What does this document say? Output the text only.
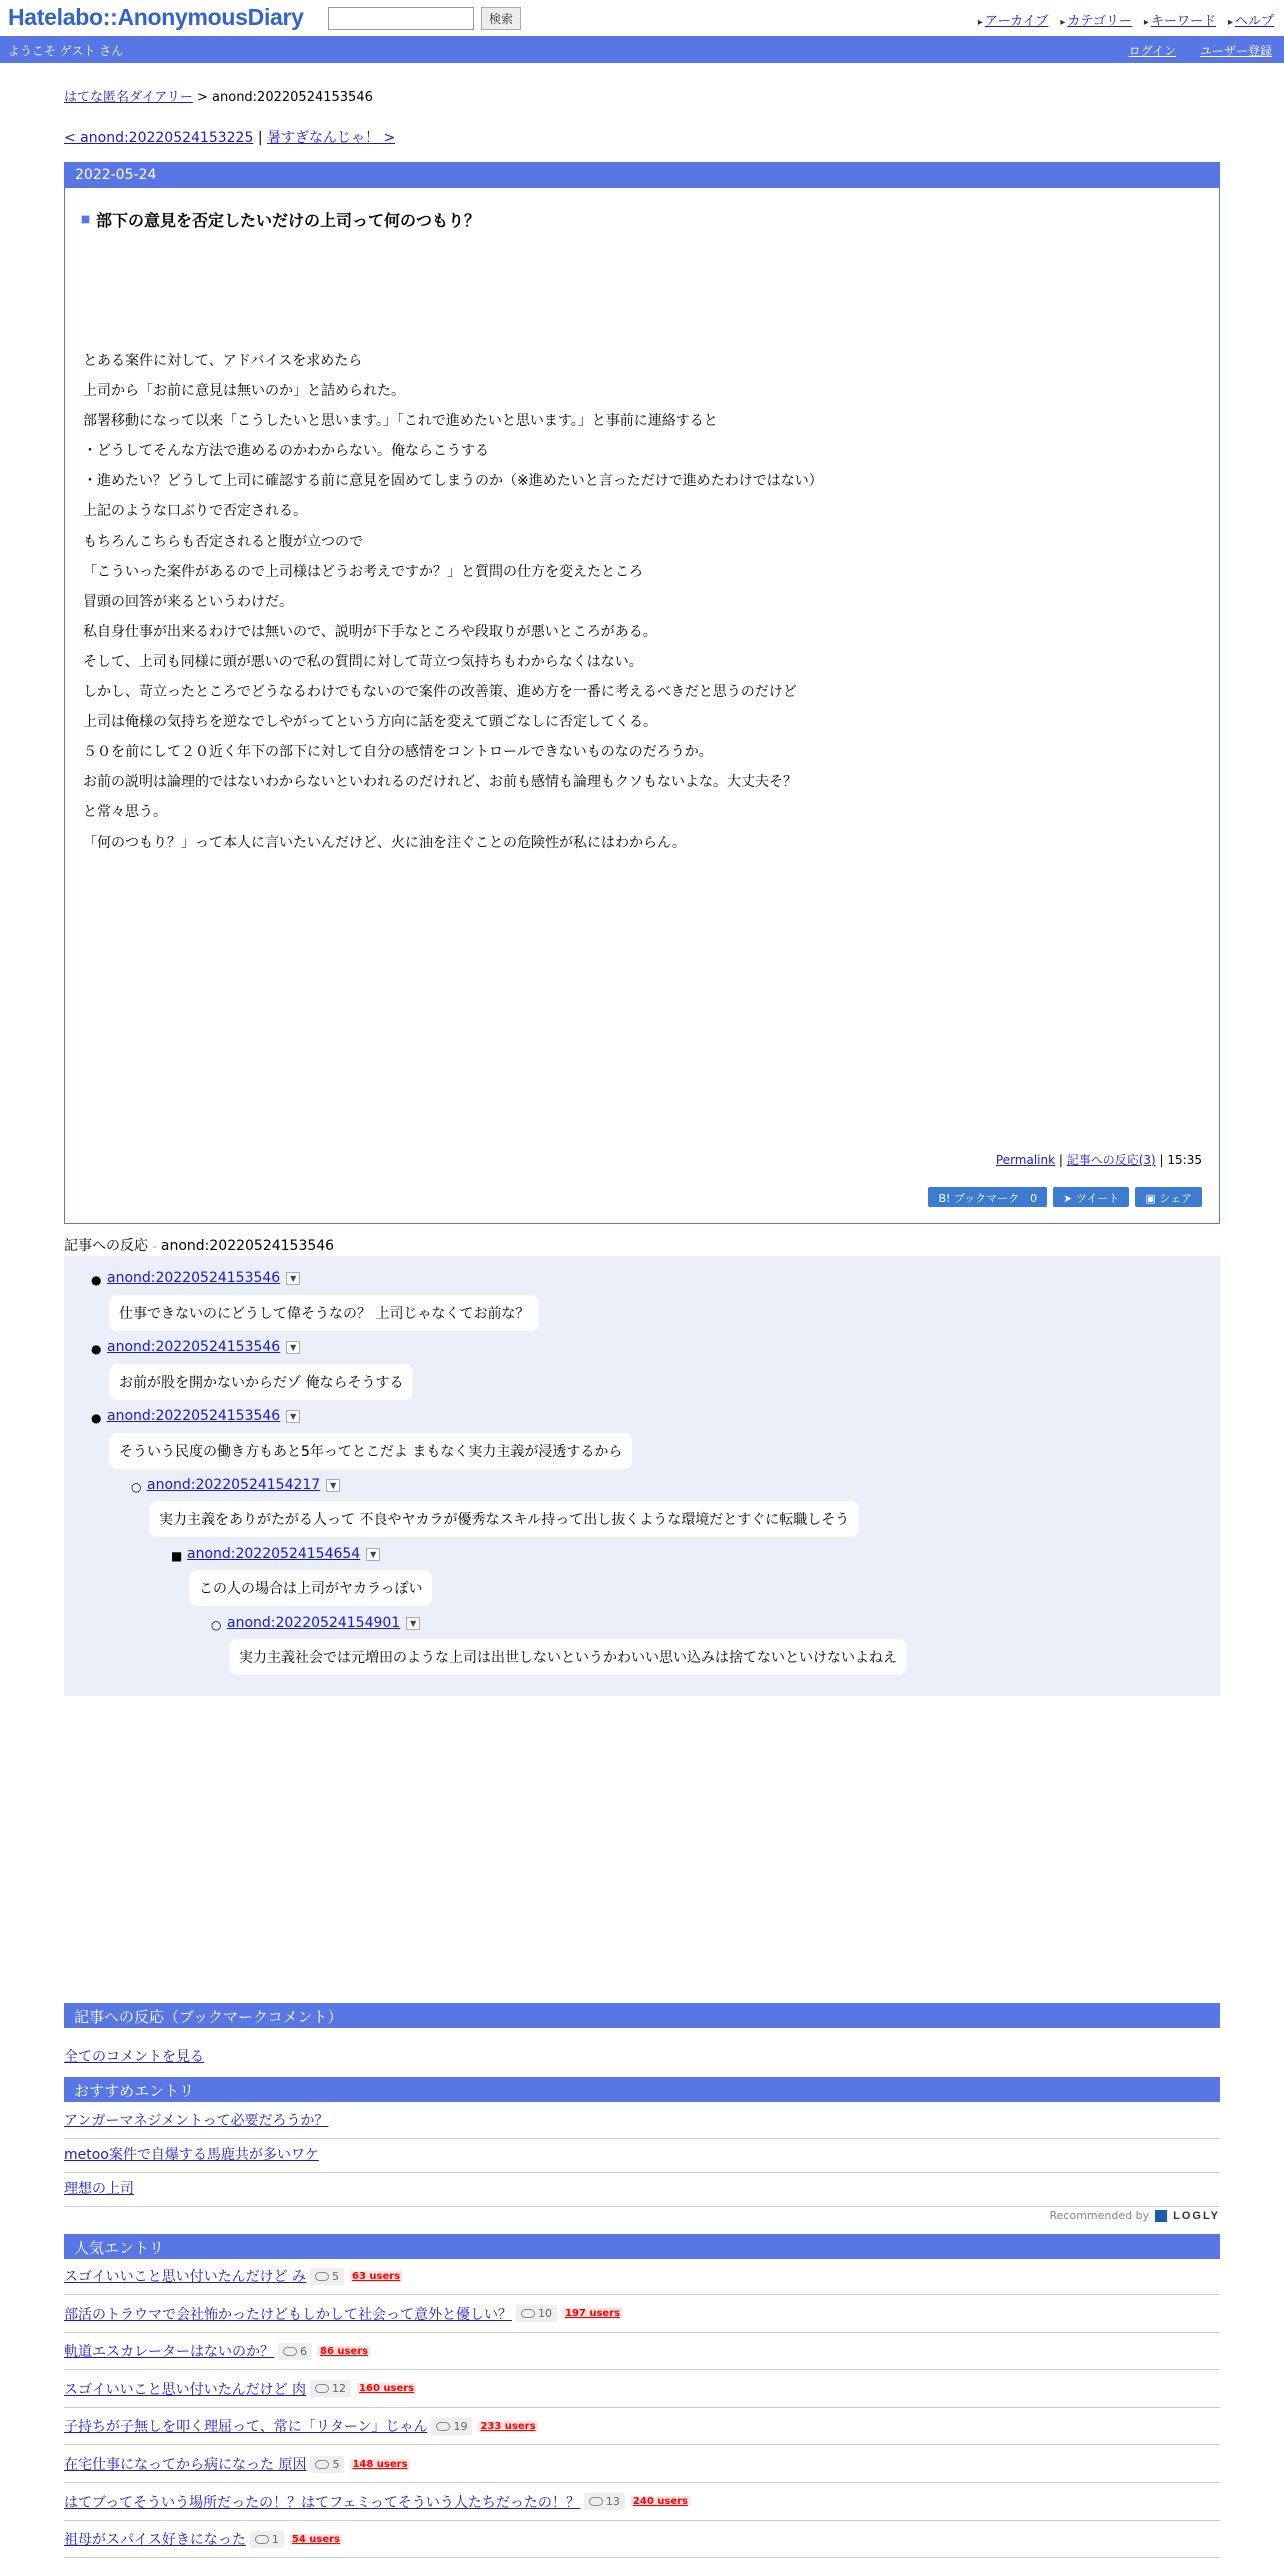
Hatelabo::AnonymousDiary	検索	▸ アーカイブ ▸ カテゴリー ▸ キーワード ▸ ヘルプ
ようこそ ゲスト さん	ログイン ユーザー登録
はてな匿名ダイアリー > anond:20220524153546
< anond:20220524153225 | 暑すぎなんじゃ！￼ >
2022-05-24
部下の意見を否定したいだけの上司って何のつもり？
とある案件に対して、アドバイスを求めたら
上司から「お前に意見は無いのか」と詰められた。
部署移動になって以来「こうしたいと思います。」「これで進めたいと思います。」と事前に連絡すると
・どうしてそんな方法で進めるのかわからない。俺ならこうする
・進めたい？どうして上司に確認する前に意見を固めてしまうのか（※進めたいと言っただけで進めたわけではない）
上記のような口ぶりで否定される。
もちろんこちらも否定されると腹が立つので
「こういった案件があるので上司様はどうお考えですか？」と質問の仕方を変えたところ
冒頭の回答が来るというわけだ。
私自身仕事が出来るわけでは無いので、説明が下手なところや段取りが悪いところがある。
そして、上司も同様に頭が悪いので私の質問に対して苛立つ気持ちもわからなくはない。
しかし、苛立ったところでどうなるわけでもないので案件の改善策、進め方を一番に考えるべきだと思うのだけど
上司は俺様の気持ちを逆なでしやがってという方向に話を変えて頭ごなしに否定してくる。
５０を前にして２０近く年下の部下に対して自分の感情をコントロールできないものなのだろうか。
お前の説明は論理的ではないわからないといわれるのだけれど、お前も感情も論理もクソもないよな。大丈夫そ？
と常々思う。
「何のつもり？」って本人に言いたいんだけど、火に油を注ぐことの危険性が私にはわからん。
Permalink | 記事への反応(3) | 15:35
B! ブックマーク　0	➤ ツイート	▣ シェア
記事への反応 - anond:20220524153546
● anond:20220524153546 ▼
仕事できないのにどうして偉そうなの？ 上司じゃなくてお前な？
● anond:20220524153546 ▼
お前が股を開かないからだゾ 俺ならそうする
● anond:20220524153546 ▼
そういう民度の働き方もあと5年ってとこだよ まもなく実力主義が浸透するから
○ anond:20220524154217 ▼
実力主義をありがたがる人って 不良やヤカラが優秀なスキル持って出し抜くような環境だとすぐに転職しそう
■ anond:20220524154654 ▼
この人の場合は上司がヤカラっぽい
○ anond:20220524154901 ▼
実力主義社会では元増田のような上司は出世しないというかわいい思い込みは捨てないといけないよねえ
記事への反応（ブックマークコメント）
全てのコメントを見る
おすすめエントリ
アンガーマネジメントって必要だろうか？
metoo案件で自爆する馬鹿共が多いワケ
理想の上司
Recommended by LOGLY
人気エントリ
スゴイいいこと思い付いたんだけど み 5 63 users
部活のトラウマで会社怖かったけどもしかして社会って意外と優しい？ 10 197 users
軌道エスカレーターはないのか？ 6 86 users
スゴイいいこと思い付いたんだけど 肉 12 160 users
子持ちが子無しを叩く理屈って、常に「リターン」じゃん 19 233 users
在宅仕事になってから病になった 原因 5 148 users
はてブってそういう場所だったの！？はてフェミってそういう人たちだったの！？ 13 240 users
祖母がスパイス好きになった 1 54 users
